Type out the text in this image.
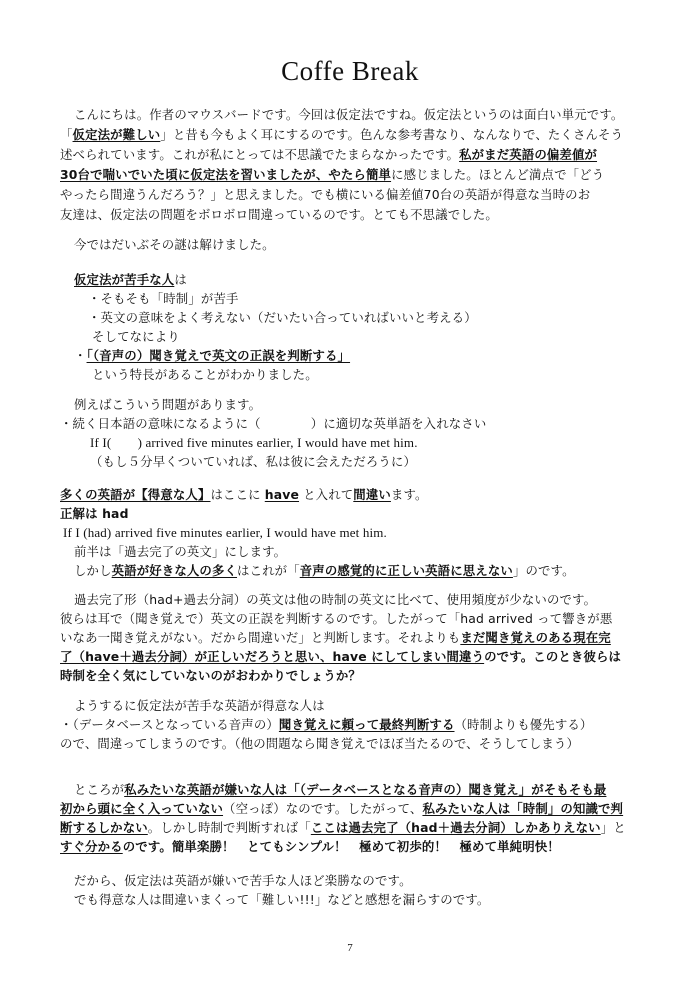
Coffe Break
こんにちは。作者のマウスバードです。今回は仮定法ですね。仮定法というのは面白い単元です。
「仮定法が難しい」と昔も今もよく耳にするのです。色んな参考書なり、なんなりで、たくさんそう
述べられています。これが私にとっては不思議でたまらなかったです。私がまだ英語の偏差値が
30台で喘いでいた頃に仮定法を習いましたが、やたら簡単に感じました。ほとんど満点で「どう
やったら間違うんだろう？」と思えました。でも横にいる偏差値70台の英語が得意な当時のお
友達は、仮定法の問題をボロボロ間違っているのです。とても不思議でした。
今ではだいぶその謎は解けました。
仮定法が苦手な人は
・そもそも「時制」が苦手
・英文の意味をよく考えない（だいたい合っていればいいと考える）
そしてなにより
・「（音声の）聞き覚えで英文の正誤を判断する」
という特長があることがわかりました。
例えばこういう問題があります。
・続く日本語の意味になるように（　　　　）に適切な英単語を入れなさい
If I(　　) arrived five minutes earlier, I would have met him.
（もし５分早くついていれば、私は彼に会えただろうに）
多くの英語が【得意な人】はここに have と入れて間違います。
正解は had
If I (had) arrived five minutes earlier, I would have met him.
前半は「過去完了の英文」にします。
しかし英語が好きな人の多くはこれが「音声の感覚的に正しい英語に思えない」のです。
過去完了形（had+過去分詞）の英文は他の時制の英文に比べて、使用頻度が少ないのです。
彼らは耳で（聞き覚えで）英文の正誤を判断するのです。したがって「had arrived って響きが悪
いなあ一聞き覚えがない。だから間違いだ」と判断します。それよりもまだ聞き覚えのある現在完
了（have＋過去分詞）が正しいだろうと思い、have にしてしまい間違うのです。このとき彼らは
時制を全く気にしていないのがおわかりでしょうか？
ようするに仮定法が苦手な英語が得意な人は
・（データベースとなっている音声の）聞き覚えに頼って最終判断する（時制よりも優先する）
ので、間違ってしまうのです。（他の問題なら聞き覚えでほぼ当たるので、そうしてしまう）
ところが私みたいな英語が嫌いな人は「（データベースとなる音声の）聞き覚え」がそもそも最
初から頭に全く入っていない（空っぽ）なのです。したがって、私みたいな人は「時制」の知識で判
断するしかない。しかし時制で判断すれば「ここは過去完了（had＋過去分詞）しかありえない」と
すぐ分かるのです。簡単楽勝！　とてもシンプル！　極めて初歩的！　極めて単純明快！
だから、仮定法は英語が嫌いで苦手な人ほど楽勝なのです。
でも得意な人は間違いまくって「難しい!!!」などと感想を漏らすのです。
7
